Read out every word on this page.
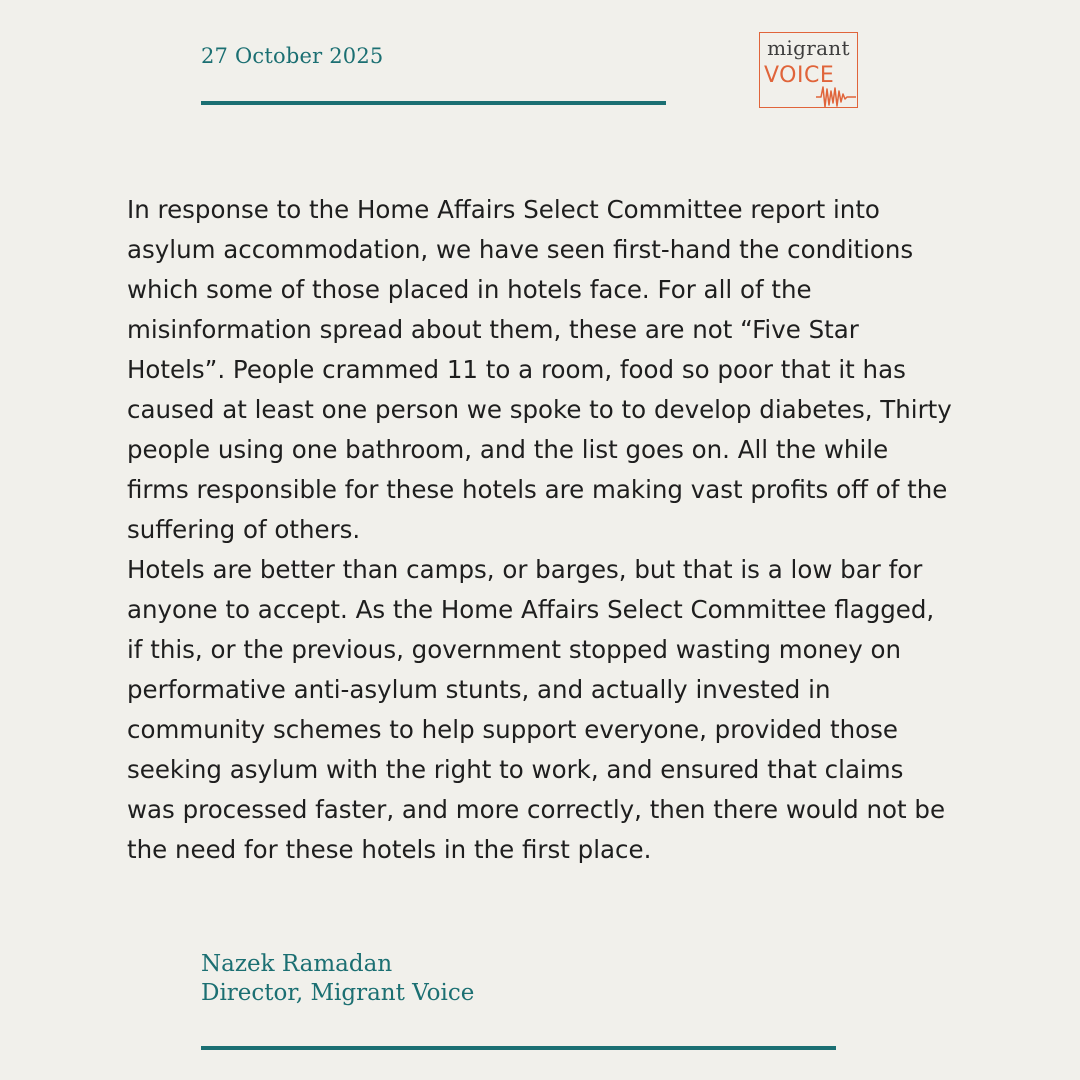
27 October 2025	migrant
VOICE

In response to the Home Affairs Select Committee report into asylum accommodation, we have seen first-hand the conditions which some of those placed in hotels face. For all of the misinformation spread about them, these are not “Five Star Hotels”. People crammed 11 to a room, food so poor that it has caused at least one person we spoke to to develop diabetes, Thirty people using one bathroom, and the list goes on. All the while firms responsible for these hotels are making vast profits off of the suffering of others.

Hotels are better than camps, or barges, but that is a low bar for anyone to accept. As the Home Affairs Select Committee flagged, if this, or the previous, government stopped wasting money on performative anti-asylum stunts, and actually invested in community schemes to help support everyone, provided those seeking asylum with the right to work, and ensured that claims was processed faster, and more correctly, then there would not be the need for these hotels in the first place.

Nazek Ramadan
Director, Migrant Voice
